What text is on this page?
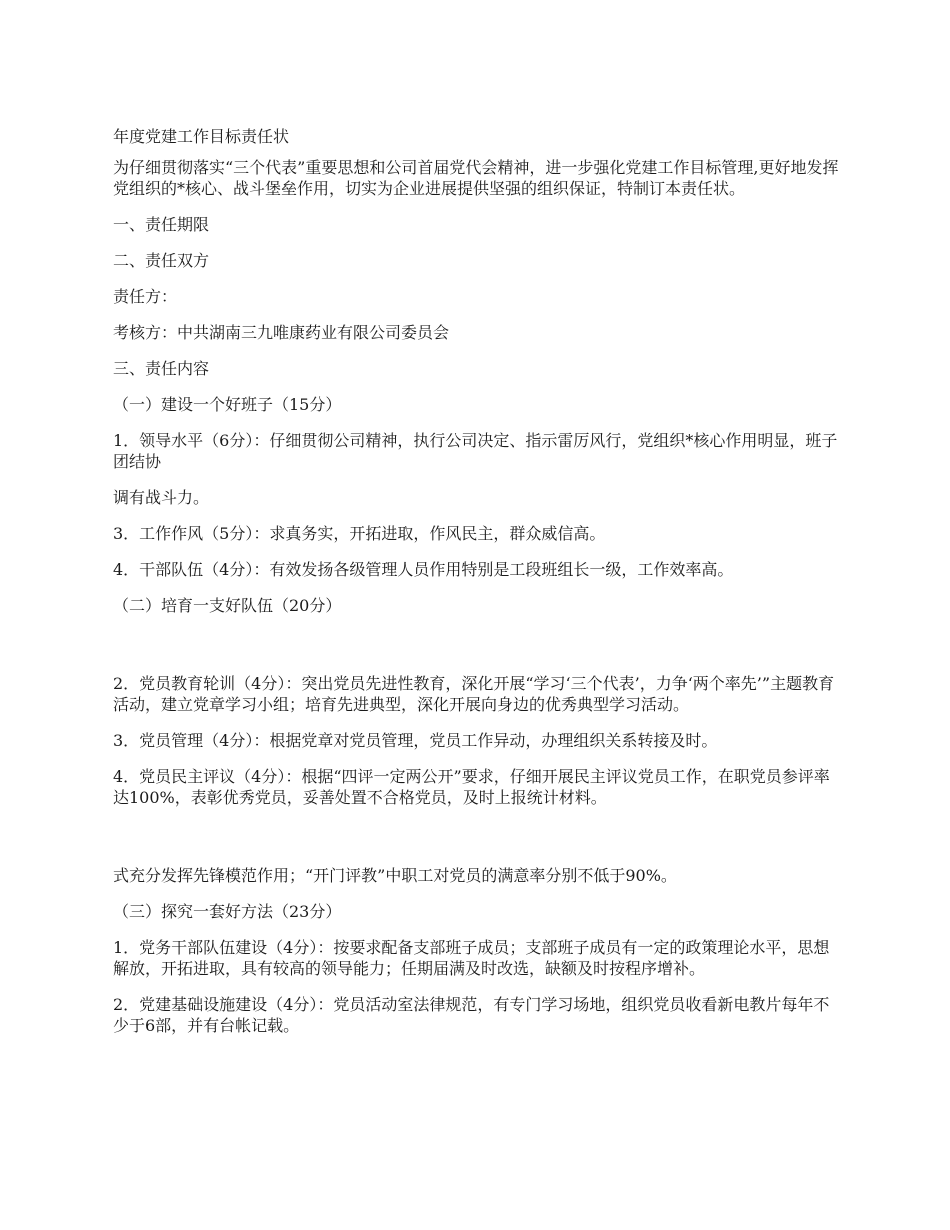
年度党建工作目标责任状

为仔细贯彻落实“三个代表”重要思想和公司首届党代会精神，进一步强化党建工作目标管理,更好地发挥党组织的*核心、战斗堡垒作用，切实为企业进展提供坚强的组织保证，特制订本责任状。

一、责任期限

二、责任双方

责任方：

考核方：中共湖南三九唯康药业有限公司委员会

三、责任内容

（一）建设一个好班子（15分）

1．领导水平（6分）：仔细贯彻公司精神，执行公司决定、指示雷厉风行，党组织*核心作用明显，班子团结协

调有战斗力。

3．工作作风（5分）：求真务实，开拓进取，作风民主，群众威信高。

4．干部队伍（4分）：有效发扬各级管理人员作用特别是工段班组长一级，工作效率高。

（二）培育一支好队伍（20分）

2．党员教育轮训（4分）：突出党员先进性教育，深化开展“学习‘三个代表’，力争‘两个率先’”主题教育活动，建立党章学习小组；培育先进典型，深化开展向身边的优秀典型学习活动。

3．党员管理（4分）：根据党章对党员管理，党员工作异动，办理组织关系转接及时。

4．党员民主评议（4分）：根据“四评一定两公开”要求，仔细开展民主评议党员工作，在职党员参评率达100%，表彰优秀党员，妥善处置不合格党员，及时上报统计材料。

式充分发挥先锋模范作用；“开门评教”中职工对党员的满意率分别不低于90%。

（三）探究一套好方法（23分）

1．党务干部队伍建设（4分）：按要求配备支部班子成员；支部班子成员有一定的政策理论水平，思想解放，开拓进取，具有较高的领导能力；任期届满及时改选，缺额及时按程序增补。

2．党建基础设施建设（4分）：党员活动室法律规范，有专门学习场地，组织党员收看新电教片每年不少于6部，并有台帐记载。
